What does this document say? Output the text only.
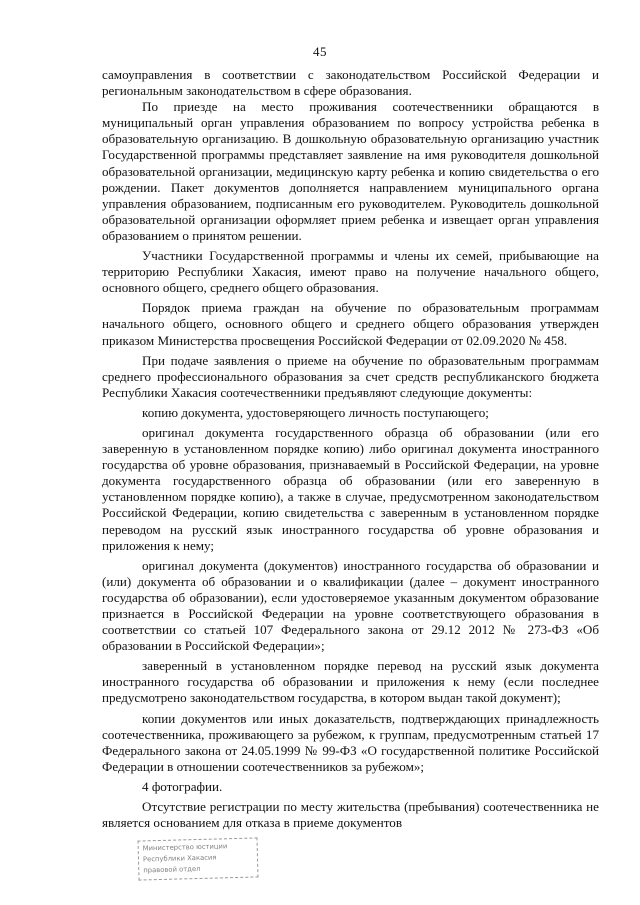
45

самоуправления в соответствии с законодательством Российской Федерации и региональным законодательством в сфере образования.

По приезде на место проживания соотечественники обращаются в муниципальный орган управления образованием по вопросу устройства ребенка в образовательную организацию. В дошкольную образовательную организацию участник Государственной программы представляет заявление на имя руководителя дошкольной образовательной организации, медицинскую карту ребенка и копию свидетельства о его рождении. Пакет документов дополняется направлением муниципального органа управления образованием, подписанным его руководителем. Руководитель дошкольной образовательной организации оформляет прием ребенка и извещает орган управления образованием о принятом решении.

Участники Государственной программы и члены их семей, прибывающие на территорию Республики Хакасия, имеют право на получение начального общего, основного общего, среднего общего образования.

Порядок приема граждан на обучение по образовательным программам начального общего, основного общего и среднего общего образования утвержден приказом Министерства просвещения Российской Федерации от 02.09.2020 № 458.

При подаче заявления о приеме на обучение по образовательным программам среднего профессионального образования за счет средств республиканского бюджета Республики Хакасия соотечественники предъявляют следующие документы:

копию документа, удостоверяющего личность поступающего;

оригинал документа государственного образца об образовании (или его заверенную в установленном порядке копию) либо оригинал документа иностранного государства об уровне образования, признаваемый в Российской Федерации, на уровне документа государственного образца об образовании (или его заверенную в установленном порядке копию), а также в случае, предусмотренном законодательством Российской Федерации, копию свидетельства с заверенным в установленном порядке переводом на русский язык иностранного государства об уровне образования и приложения к нему;

оригинал документа (документов) иностранного государства об образовании и (или) документа об образовании и о квалификации (далее – документ иностранного государства об образовании), если удостоверяемое указанным документом образование признается в Российской Федерации на уровне соответствующего образования в соответствии со статьей 107 Федерального закона от 29.12 2012 № 273-ФЗ «Об образовании в Российской Федерации»;

заверенный в установленном порядке перевод на русский язык документа иностранного государства об образовании и приложения к нему (если последнее предусмотрено законодательством государства, в котором выдан такой документ);

копии документов или иных доказательств, подтверждающих принадлежность соотечественника, проживающего за рубежом, к группам, предусмотренным статьей 17 Федерального закона от 24.05.1999 № 99-ФЗ «О государственной политике Российской Федерации в отношении соотечественников за рубежом»;

4 фотографии.

Отсутствие регистрации по месту жительства (пребывания) соотечественника не является основанием для отказа в приеме документов

Министерство юстиции
Республики Хакасия
правовой отдел
